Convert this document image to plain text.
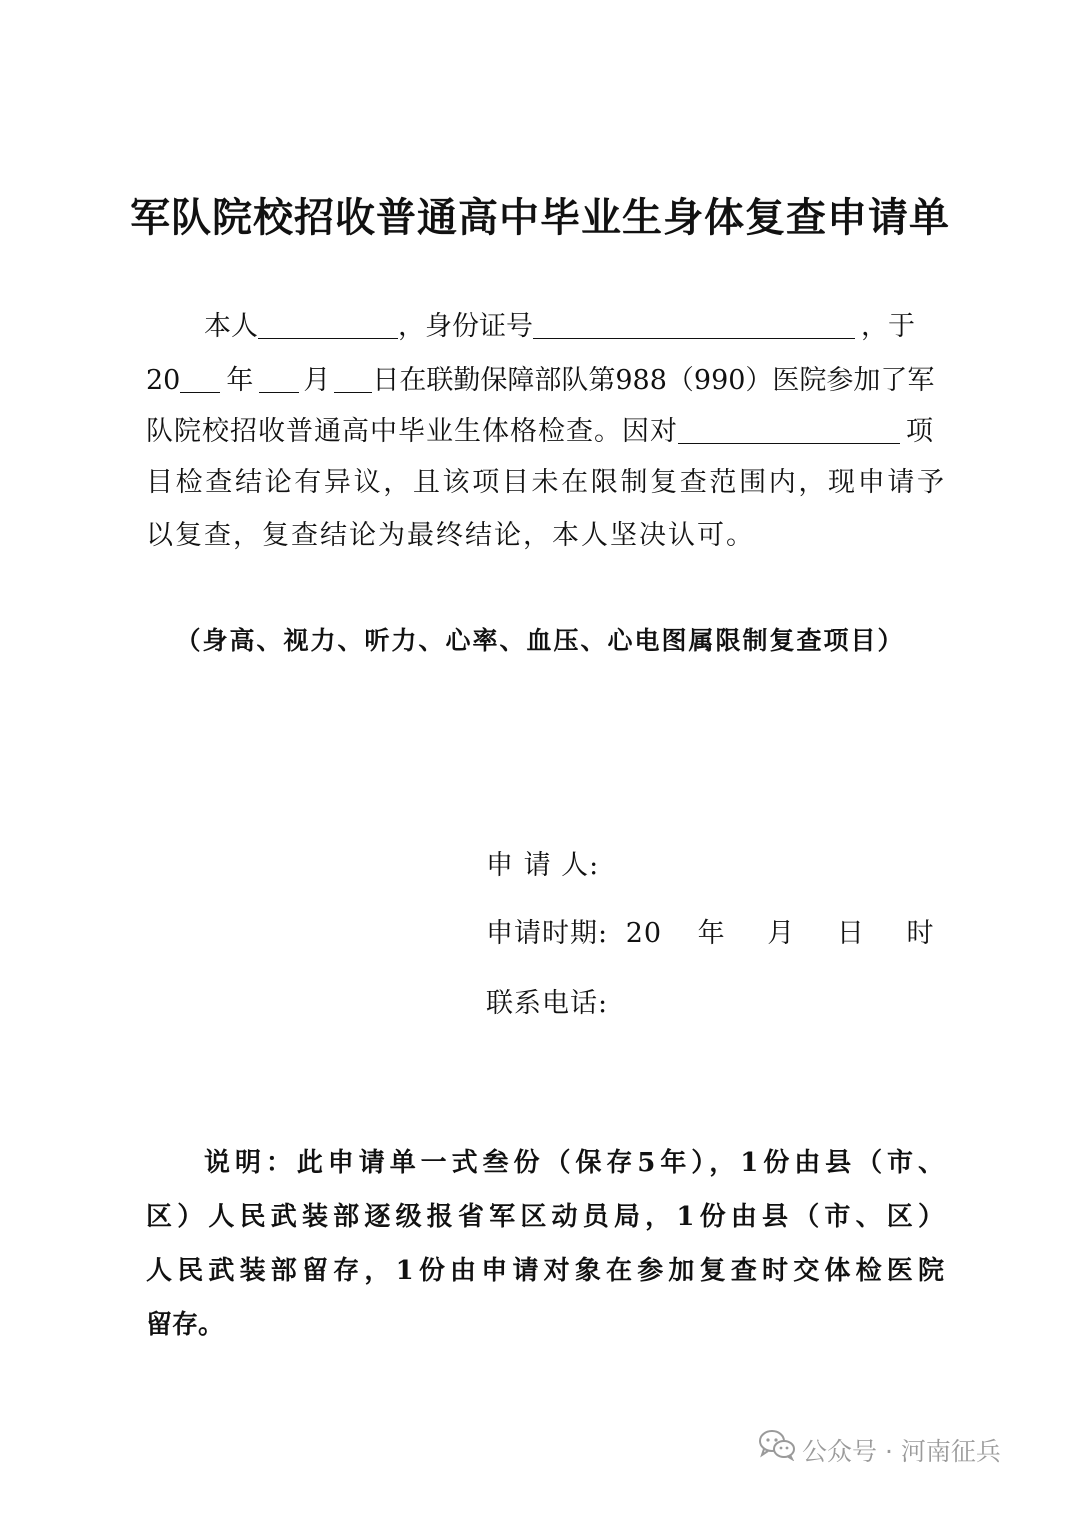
军队院校招收普通高中毕业生身体复查申请单
本人	，身份证号	，于
20 年 月 日在联勤保障部队第988（990）医院参加了军
队院校招收普通高中毕业生体格检查。因对	项
目检查结论有异议，且该项目未在限制复查范围内，现申请予
以复查，复查结论为最终结论，本人坚决认可。
（身高、视力、听力、心率、血压、心电图属限制复查项目）
申 请 人:
申请时期: 20 年 月 日 时
联系电话:
说明：此申请单一式叁份（保存5年），1份由县（市、
区）人民武装部逐级报省军区动员局，1份由县（市、区）
人民武装部留存，1份由申请对象在参加复查时交体检医院
留存。
公众号 · 河南征兵
